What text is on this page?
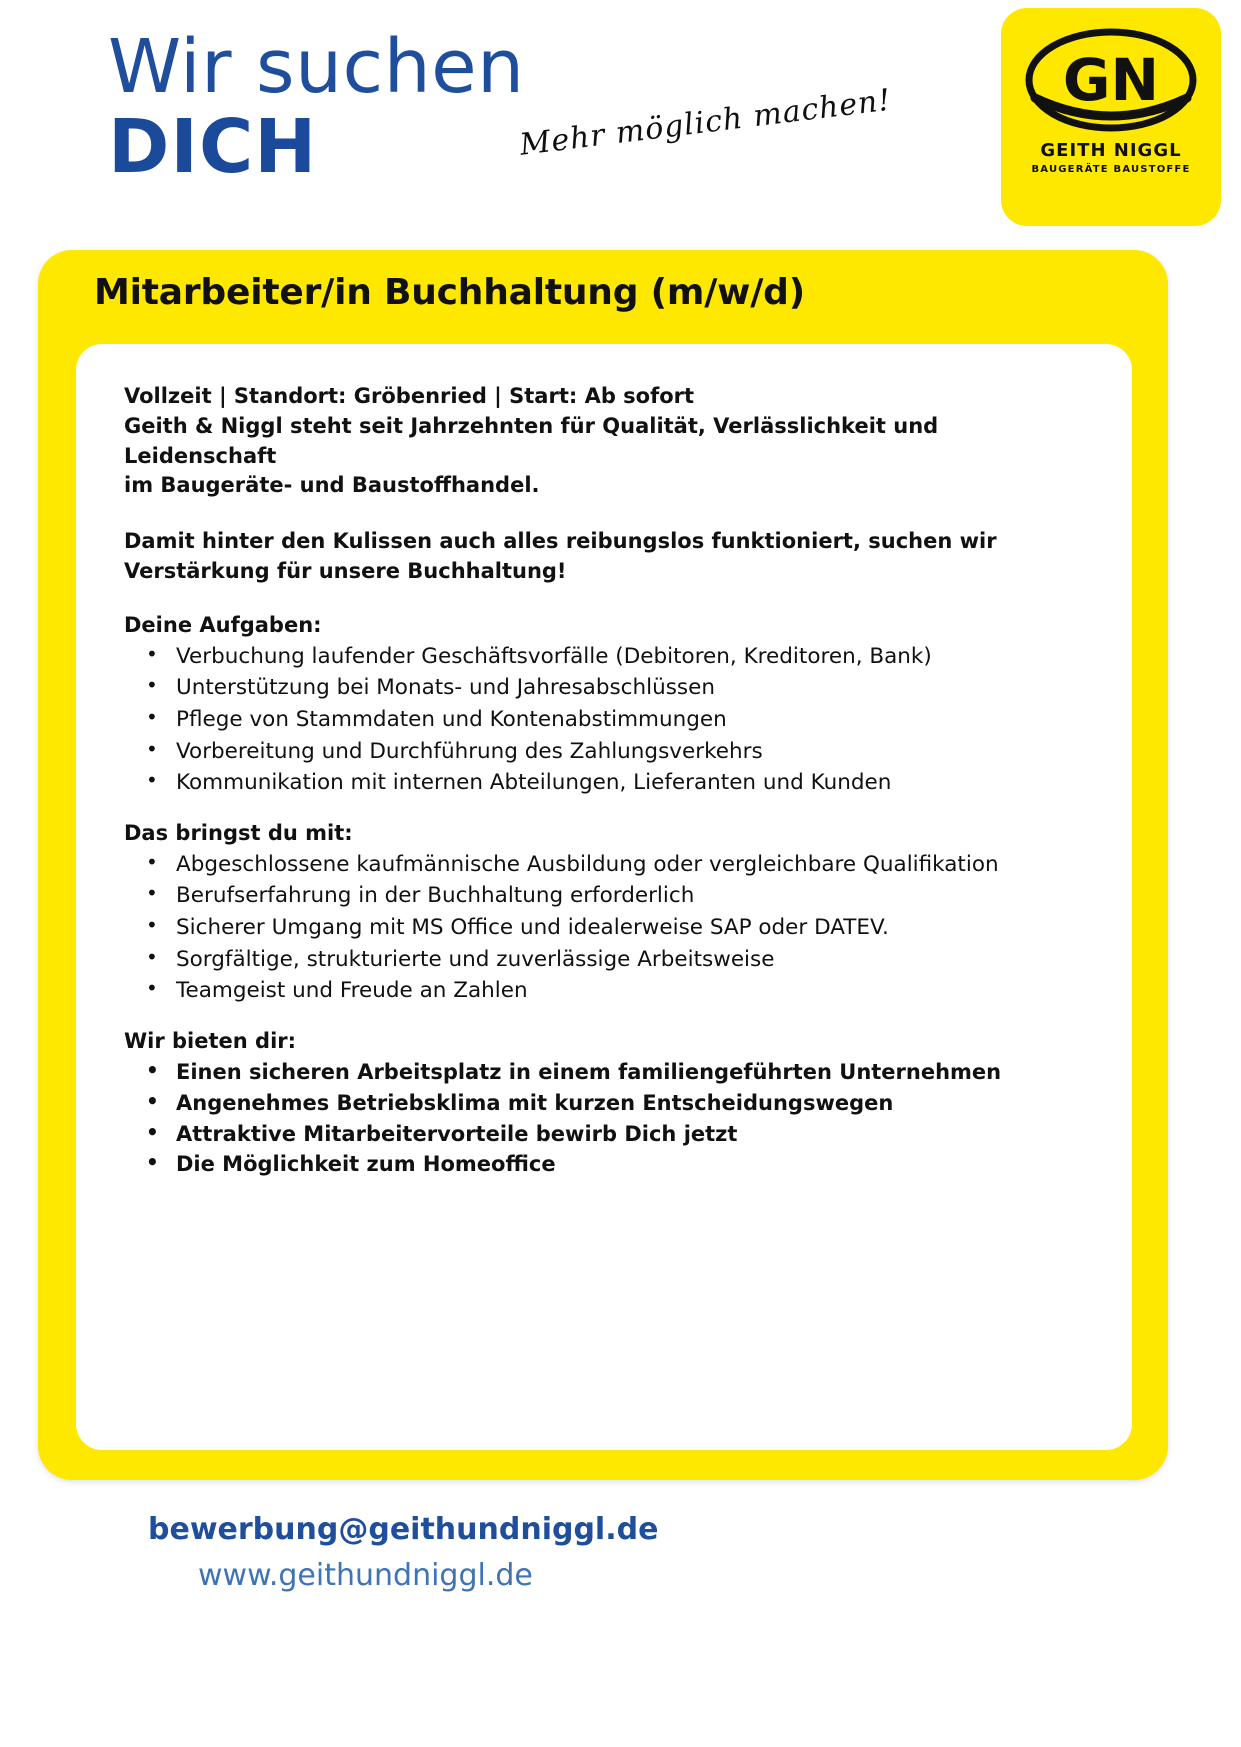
Wir suchen
DICH	Mehr möglich machen!
GN
GEITH NIGGL
BAUGERÄTE BAUSTOFFE
Mitarbeiter/in Buchhaltung (m/w/d)
Vollzeit | Standort: Gröbenried | Start: Ab sofort
Geith & Niggl steht seit Jahrzehnten für Qualität, Verlässlichkeit und Leidenschaft
im Baugeräte- und Baustoffhandel.
Damit hinter den Kulissen auch alles reibungslos funktioniert, suchen wir
Verstärkung für unsere Buchhaltung!
Deine Aufgaben:
• Verbuchung laufender Geschäftsvorfälle (Debitoren, Kreditoren, Bank)
• Unterstützung bei Monats- und Jahresabschlüssen
• Pflege von Stammdaten und Kontenabstimmungen
• Vorbereitung und Durchführung des Zahlungsverkehrs
• Kommunikation mit internen Abteilungen, Lieferanten und Kunden
Das bringst du mit:
• Abgeschlossene kaufmännische Ausbildung oder vergleichbare Qualifikation
• Berufserfahrung in der Buchhaltung erforderlich
• Sicherer Umgang mit MS Office und idealerweise SAP oder DATEV.
• Sorgfältige, strukturierte und zuverlässige Arbeitsweise
• Teamgeist und Freude an Zahlen
Wir bieten dir:
• Einen sicheren Arbeitsplatz in einem familiengeführten Unternehmen
• Angenehmes Betriebsklima mit kurzen Entscheidungswegen
• Attraktive Mitarbeitervorteile bewirb Dich jetzt
• Die Möglichkeit zum Homeoffice
bewerbung@geithundniggl.de
www.geithundniggl.de
